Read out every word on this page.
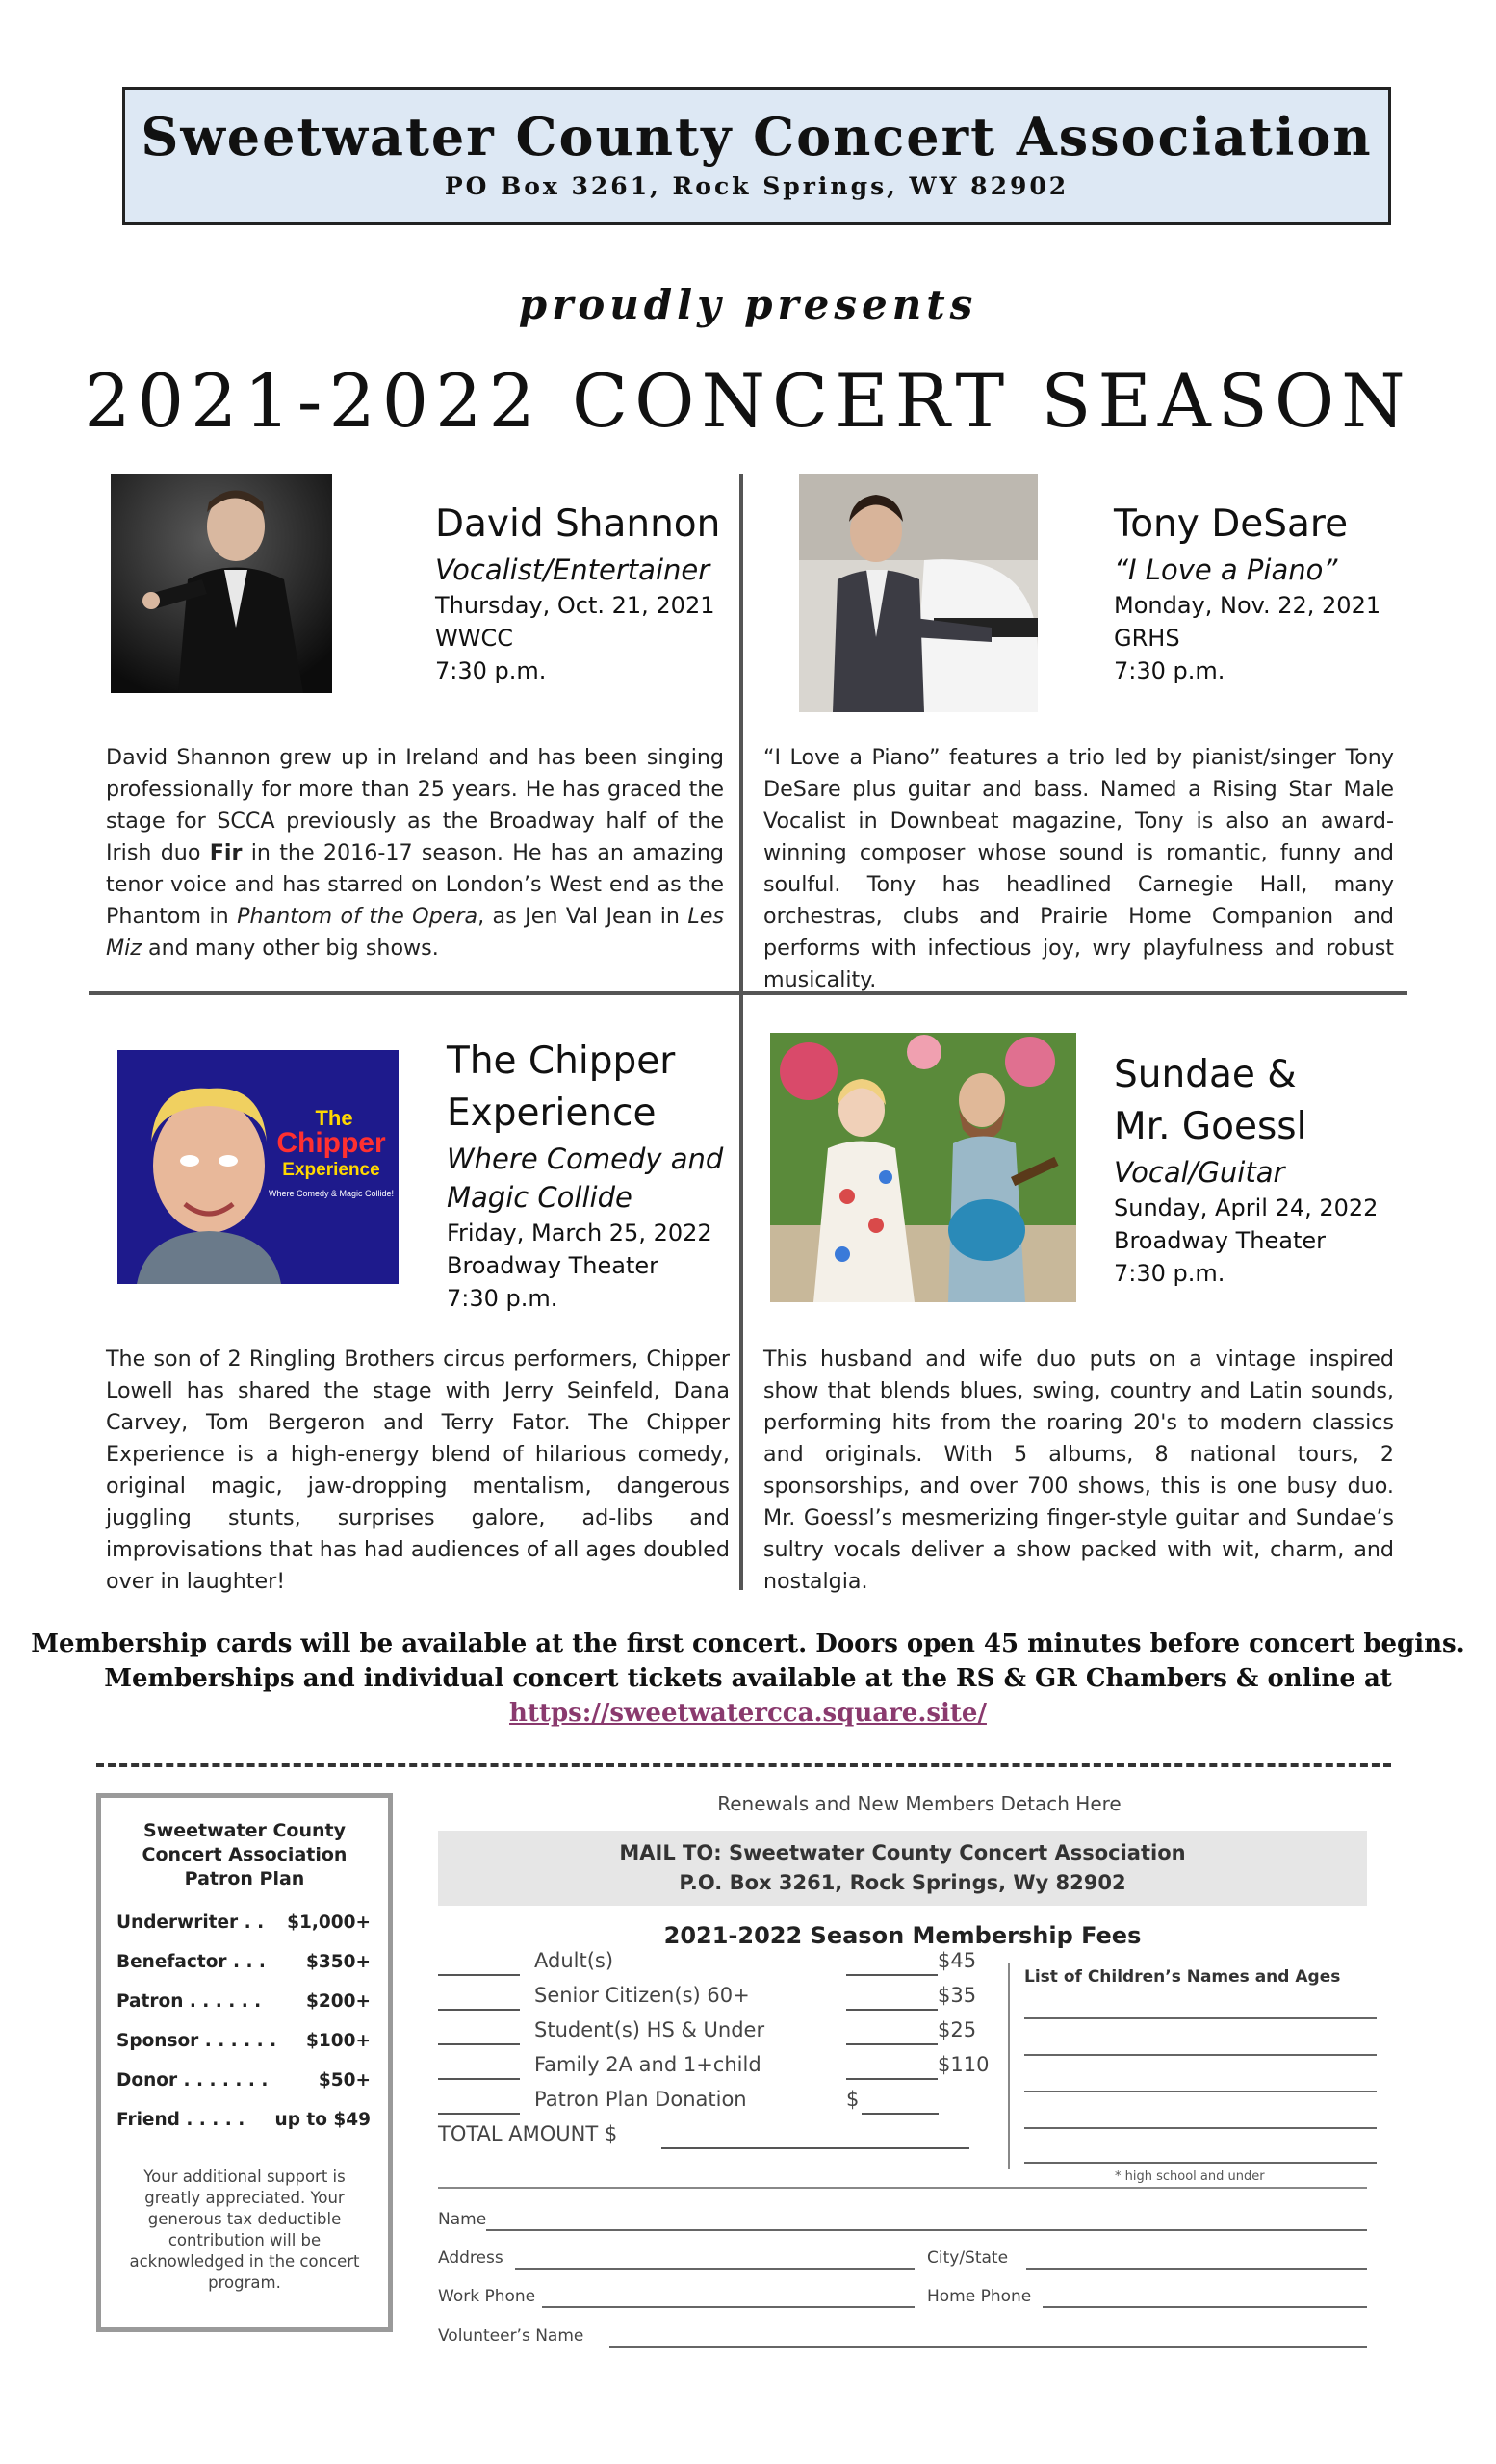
Sweetwater County Concert Association
PO Box 3261, Rock Springs, WY 82902
proudly presents
2021-2022 CONCERT SEASON
David Shannon
Vocalist/Entertainer
Thursday, Oct. 21, 2021
WWCC
7:30 p.m.
David Shannon grew up in Ireland and has been singing professionally for more than 25 years. He has graced the stage for SCCA previously as the Broadway half of the Irish duo Fir in the 2016-17 season. He has an amazing tenor voice and has starred on London’s West end as the Phantom in Phantom of the Opera, as Jen Val Jean in Les Miz and many other big shows.
Tony DeSare
“I Love a Piano”
Monday, Nov. 22, 2021
GRHS
7:30 p.m.
“I Love a Piano” features a trio led by pianist/singer Tony DeSare plus guitar and bass. Named a Rising Star Male Vocalist in Downbeat magazine, Tony is also an award-winning composer whose sound is romantic, funny and soulful. Tony has headlined Carnegie Hall, many orchestras, clubs and Prairie Home Companion and performs with infectious joy, wry playfulness and robust musicality.
The
Chipper
Experience
Where Comedy & Magic Collide!
The Chipper
Experience
Where Comedy and
Magic Collide
Friday, March 25, 2022
Broadway Theater
7:30 p.m.
The son of 2 Ringling Brothers circus performers, Chipper Lowell has shared the stage with Jerry Seinfeld, Dana Carvey, Tom Bergeron and Terry Fator. The Chipper Experience is a high-energy blend of hilarious comedy, original magic, jaw-dropping mentalism, dangerous juggling stunts, surprises galore, ad-libs and improvisations that has had audiences of all ages doubled over in laughter!
Sundae &
Mr. Goessl
Vocal/Guitar
Sunday, April 24, 2022
Broadway Theater
7:30 p.m.
This husband and wife duo puts on a vintage inspired show that blends blues, swing, country and Latin sounds, performing hits from the roaring 20's to modern classics and originals. With 5 albums, 8 national tours, 2 sponsorships, and over 700 shows, this is one busy duo. Mr. Goessl’s mesmerizing finger-style guitar and Sundae’s sultry vocals deliver a show packed with wit, charm, and nostalgia.
Membership cards will be available at the first concert. Doors open 45 minutes before concert begins.
Memberships and individual concert tickets available at the RS & GR Chambers & online at
https://sweetwatercca.square.site/
Sweetwater County
Concert Association
Patron Plan
Underwriter . . $1,000+
Benefactor . . . $350+
Patron . . . . . .	$200+
Sponsor . . . . . . $100+
Donor . . . . . . .	$50+
Friend . . . . . up to $49
Your additional support is greatly appreciated. Your generous tax deductible contribution will be acknowledged in the concert program.
Renewals and New Members Detach Here
MAIL TO: Sweetwater County Concert Association
P.O. Box 3261, Rock Springs, Wy 82902
2021-2022 Season Membership Fees
Adult(s)	$45
Senior Citizen(s) 60+	$35
Student(s) HS & Under	$25
Family 2A and 1+child	$110
Patron Plan Donation	$
TOTAL AMOUNT $
List of Children’s Names and Ages
* high school and under
Name
Address	City/State
Work Phone	Home Phone
Volunteer’s Name
